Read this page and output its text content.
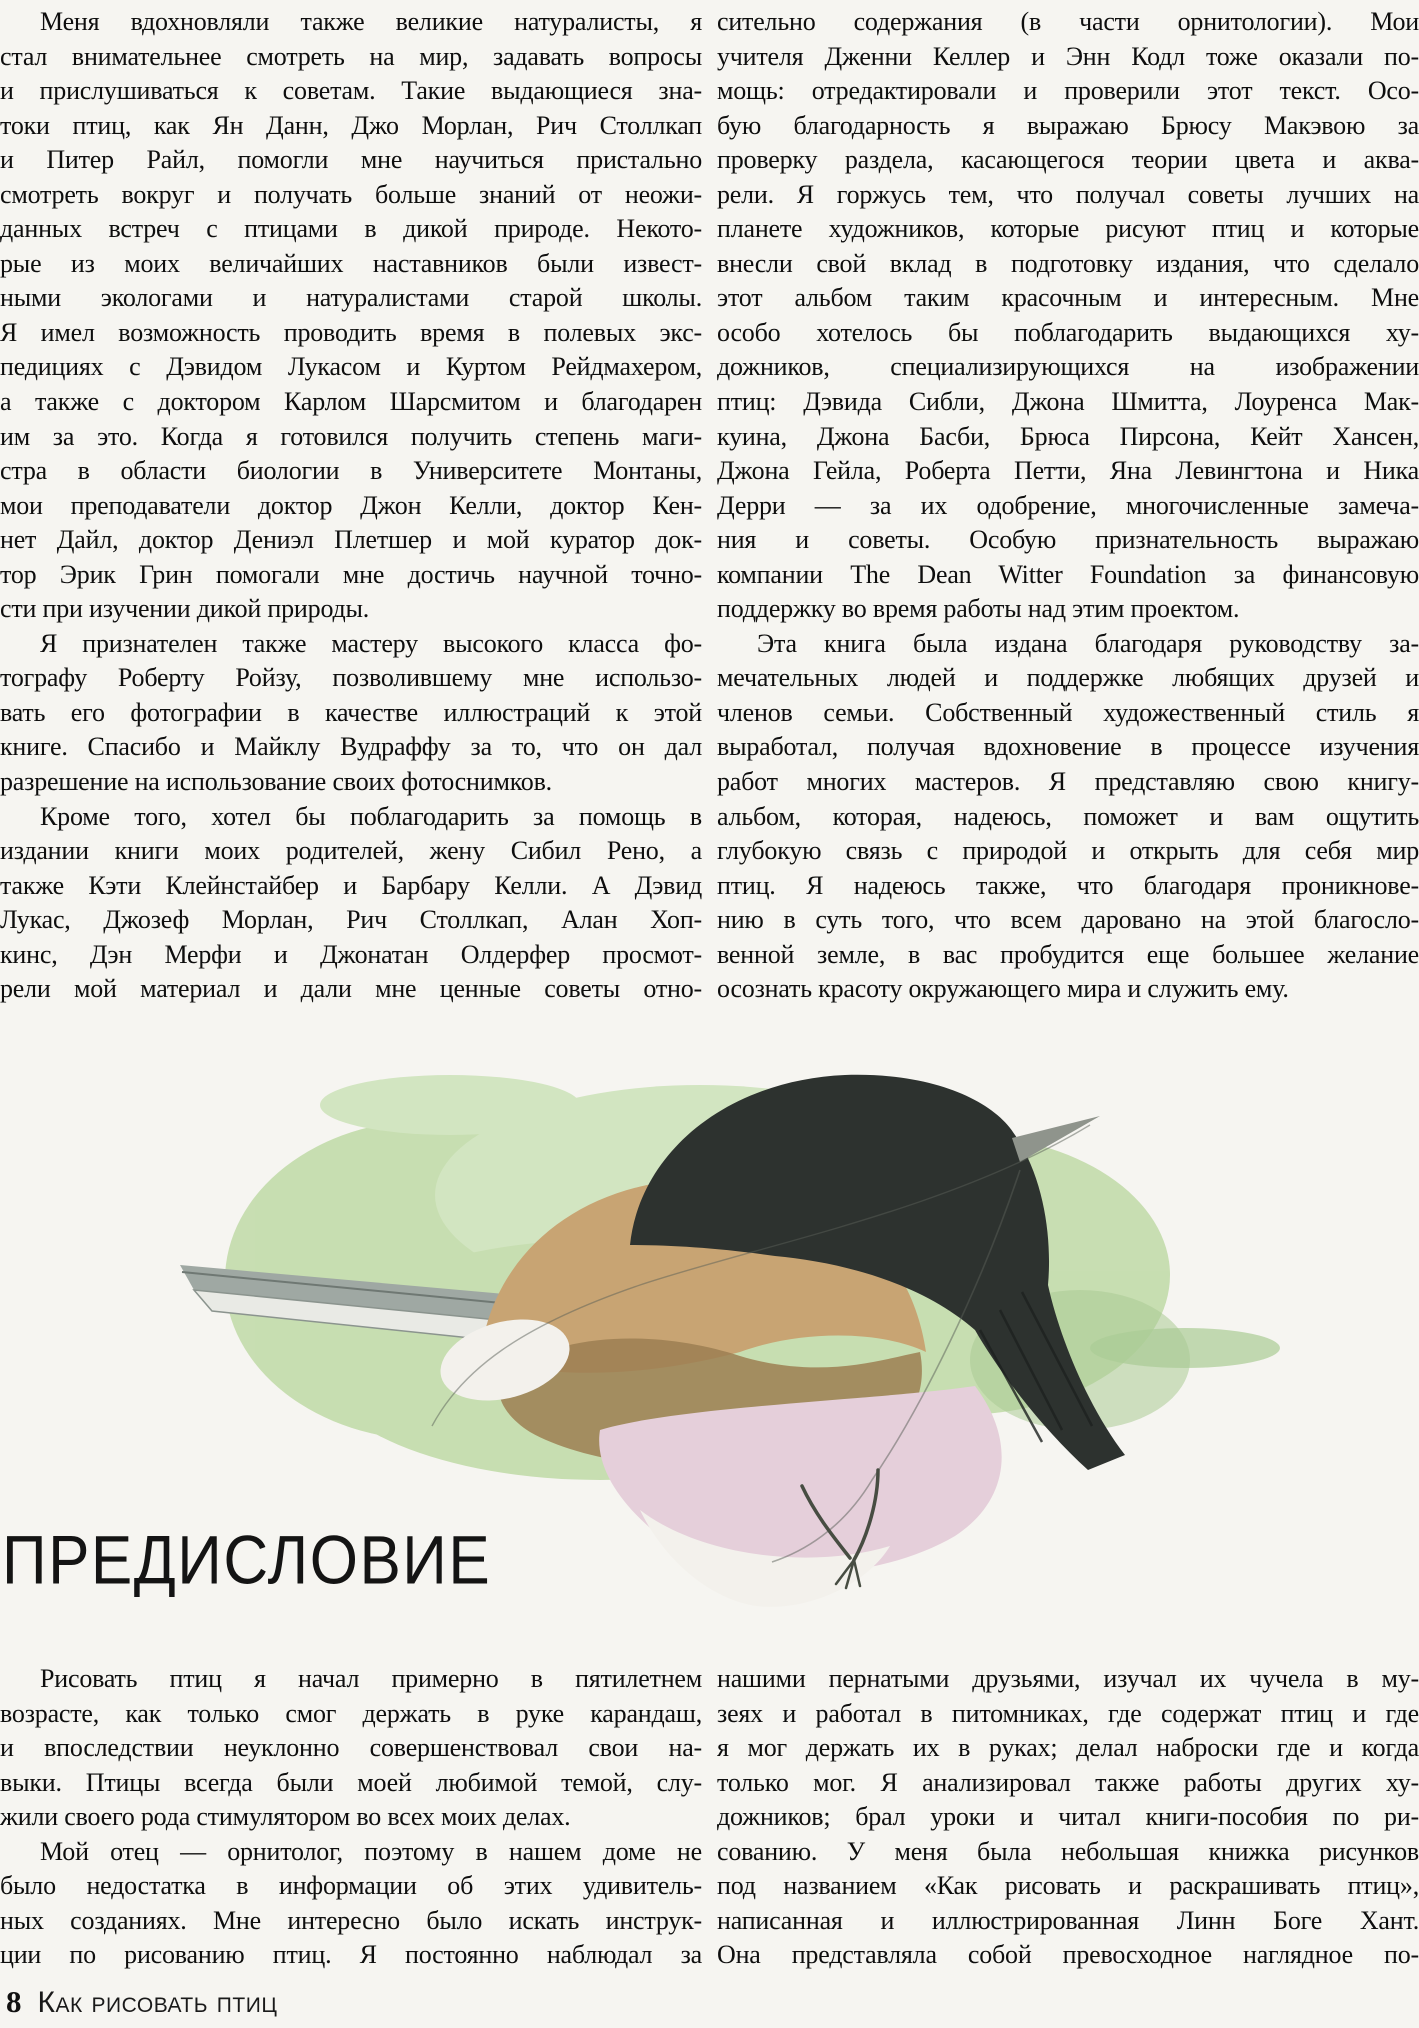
Меня вдохновляли также великие натуралисты, я
стал внимательнее смотреть на мир, задавать вопросы
и прислушиваться к советам. Такие выдающиеся зна-
токи птиц, как Ян Данн, Джо Морлан, Рич Столлкап
и Питер Райл, помогли мне научиться пристально
смотреть вокруг и получать больше знаний от неожи-
данных встреч с птицами в дикой природе. Некото-
рые из моих величайших наставников были извест-
ными экологами и натуралистами старой школы.
Я имел возможность проводить время в полевых экс-
педициях с Дэвидом Лукасом и Куртом Рейдмахером,
а также с доктором Карлом Шарсмитом и благодарен
им за это. Когда я готовился получить степень маги-
стра в области биологии в Университете Монтаны,
мои преподаватели доктор Джон Келли, доктор Кен-
нет Дайл, доктор Дениэл Плетшер и мой куратор док-
тор Эрик Грин помогали мне достичь научной точно-
сти при изучении дикой природы.
Я признателен также мастеру высокого класса фо-
тографу Роберту Ройзу, позволившему мне использо-
вать его фотографии в качестве иллюстраций к этой
книге. Спасибо и Майклу Вудраффу за то, что он дал
разрешение на использование своих фотоснимков.
Кроме того, хотел бы поблагодарить за помощь в
издании книги моих родителей, жену Сибил Рено, а
также Кэти Клейнстайбер и Барбару Келли. А Дэвид
Лукас, Джозеф Морлан, Рич Столлкап, Алан Хоп-
кинс, Дэн Мерфи и Джонатан Олдерфер просмот-
рели мой материал и дали мне ценные советы отно-
сительно содержания (в части орнитологии). Мои
учителя Дженни Келлер и Энн Кодл тоже оказали по-
мощь: отредактировали и проверили этот текст. Осо-
бую благодарность я выражаю Брюсу Макэвою за
проверку раздела, касающегося теории цвета и аква-
рели. Я горжусь тем, что получал советы лучших на
планете художников, которые рисуют птиц и которые
внесли свой вклад в подготовку издания, что сделало
этот альбом таким красочным и интересным. Мне
особо хотелось бы поблагодарить выдающихся ху-
дожников, специализирующихся на изображении
птиц: Дэвида Сибли, Джона Шмитта, Лоуренса Мак-
куина, Джона Басби, Брюса Пирсона, Кейт Хансен,
Джона Гейла, Роберта Петти, Яна Левингтона и Ника
Дерри — за их одобрение, многочисленные замеча-
ния и советы. Особую признательность выражаю
компании The Dean Witter Foundation за финансовую
поддержку во время работы над этим проектом.
Эта книга была издана благодаря руководству за-
мечательных людей и поддержке любящих друзей и
членов семьи. Собственный художественный стиль я
выработал, получая вдохновение в процессе изучения
работ многих мастеров. Я представляю свою книгу-
альбом, которая, надеюсь, поможет и вам ощутить
глубокую связь с природой и открыть для себя мир
птиц. Я надеюсь также, что благодаря проникнове-
нию в суть того, что всем даровано на этой благосло-
венной земле, в вас пробудится еще большее желание
осознать красоту окружающего мира и служить ему.
ПРЕДИСЛОВИЕ
Рисовать птиц я начал примерно в пятилетнем
возрасте, как только смог держать в руке карандаш,
и впоследствии неуклонно совершенствовал свои на-
выки. Птицы всегда были моей любимой темой, слу-
жили своего рода стимулятором во всех моих делах.
Мой отец — орнитолог, поэтому в нашем доме не
было недостатка в информации об этих удивитель-
ных созданиях. Мне интересно было искать инструк-
ции по рисованию птиц. Я постоянно наблюдал за
нашими пернатыми друзьями, изучал их чучела в му-
зеях и работал в питомниках, где содержат птиц и где
я мог держать их в руках; делал наброски где и когда
только мог. Я анализировал также работы других ху-
дожников; брал уроки и читал книги-пособия по ри-
сованию. У меня была небольшая книжка рисунков
под названием «Как рисовать и раскрашивать птиц»,
написанная и иллюстрированная Линн Боге Хант.
Она представляла собой превосходное наглядное по-
8 Как рисовать птиц
